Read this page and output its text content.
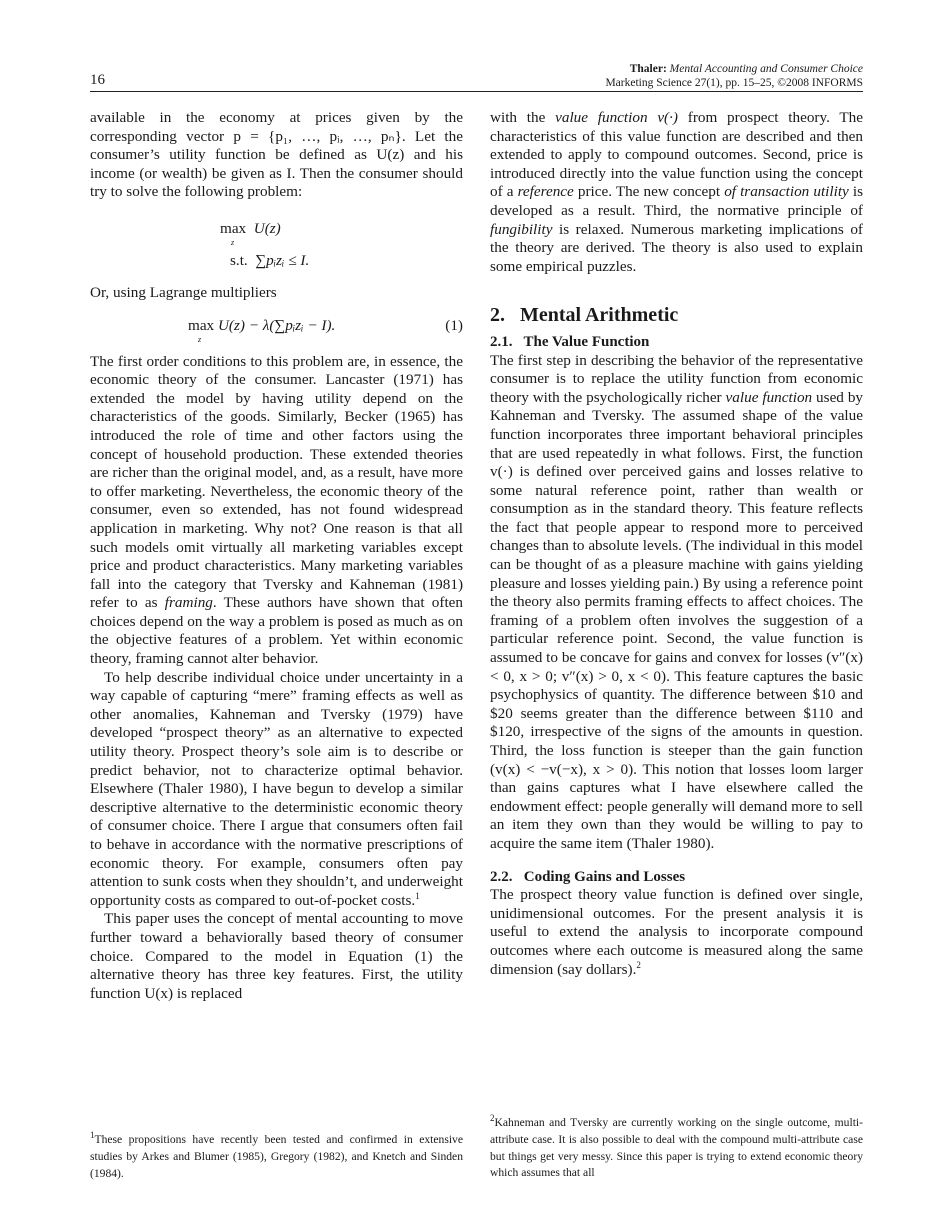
16
Thaler: Mental Accounting and Consumer Choice
Marketing Science 27(1), pp. 15–25, ©2008 INFORMS

available in the economy at prices given by the corresponding vector p = {p₁, …, pᵢ, …, pₙ}. Let the consumer’s utility function be defined as U(z) and his income (or wealth) be given as I. Then the consumer should try to solve the following problem:

max U(z)
z
s.t. ∑pᵢzᵢ ≤ I.

Or, using Lagrange multipliers

max
z
U(z) − λ(∑pᵢzᵢ − I).	(1)

The first order conditions to this problem are, in essence, the economic theory of the consumer. Lancaster (1971) has extended the model by having utility depend on the characteristics of the goods. Similarly, Becker (1965) has introduced the role of time and other factors using the concept of household production. These extended theories are richer than the original model, and, as a result, have more to offer marketing. Nevertheless, the economic theory of the consumer, even so extended, has not found widespread application in marketing. Why not? One reason is that all such models omit virtually all marketing variables except price and product characteristics. Many marketing variables fall into the category that Tversky and Kahneman (1981) refer to as framing. These authors have shown that often choices depend on the way a problem is posed as much as on the objective features of a problem. Yet within economic theory, framing cannot alter behavior.

To help describe individual choice under uncertainty in a way capable of capturing “mere” framing effects as well as other anomalies, Kahneman and Tversky (1979) have developed “prospect theory” as an alternative to expected utility theory. Prospect theory’s sole aim is to describe or predict behavior, not to characterize optimal behavior. Elsewhere (Thaler 1980), I have begun to develop a similar descriptive alternative to the deterministic economic theory of consumer choice. There I argue that consumers often fail to behave in accordance with the normative prescriptions of economic theory. For example, consumers often pay attention to sunk costs when they shouldn’t, and underweight opportunity costs as compared to out-of-pocket costs.$^1$

This paper uses the concept of mental accounting to move further toward a behaviorally based theory of consumer choice. Compared to the model in Equation (1) the alternative theory has three key features. First, the utility function U(x) is replaced

$^1$These propositions have recently been tested and confirmed in extensive studies by Arkes and Blumer (1985), Gregory (1982), and Knetch and Sinden (1984).

with the value function v(·) from prospect theory. The characteristics of this value function are described and then extended to apply to compound outcomes. Second, price is introduced directly into the value function using the concept of a reference price. The new concept of transaction utility is developed as a result. Third, the normative principle of fungibility is relaxed. Numerous marketing implications of the theory are derived. The theory is also used to explain some empirical puzzles.

2.   Mental Arithmetic
2.1.   The Value Function

The first step in describing the behavior of the representative consumer is to replace the utility function from economic theory with the psychologically richer value function used by Kahneman and Tversky. The assumed shape of the value function incorporates three important behavioral principles that are used repeatedly in what follows. First, the function v(·) is defined over perceived gains and losses relative to some natural reference point, rather than wealth or consumption as in the standard theory. This feature reflects the fact that people appear to respond more to perceived changes than to absolute levels. (The individual in this model can be thought of as a pleasure machine with gains yielding pleasure and losses yielding pain.) By using a reference point the theory also permits framing effects to affect choices. The framing of a problem often involves the suggestion of a particular reference point. Second, the value function is assumed to be concave for gains and convex for losses (v″(x) < 0, x > 0; v″(x) > 0, x < 0). This feature captures the basic psychophysics of quantity. The difference between $10 and $20 seems greater than the difference between $110 and $120, irrespective of the signs of the amounts in question. Third, the loss function is steeper than the gain function (v(x) < −v(−x), x > 0). This notion that losses loom larger than gains captures what I have elsewhere called the endowment effect: people generally will demand more to sell an item they own than they would be willing to pay to acquire the same item (Thaler 1980).

2.2.   Coding Gains and Losses

The prospect theory value function is defined over single, unidimensional outcomes. For the present analysis it is useful to extend the analysis to incorporate compound outcomes where each outcome is measured along the same dimension (say dollars).$^2$

$^2$Kahneman and Tversky are currently working on the single outcome, multi-attribute case. It is also possible to deal with the compound multi-attribute case but things get very messy. Since this paper is trying to extend economic theory which assumes that all
